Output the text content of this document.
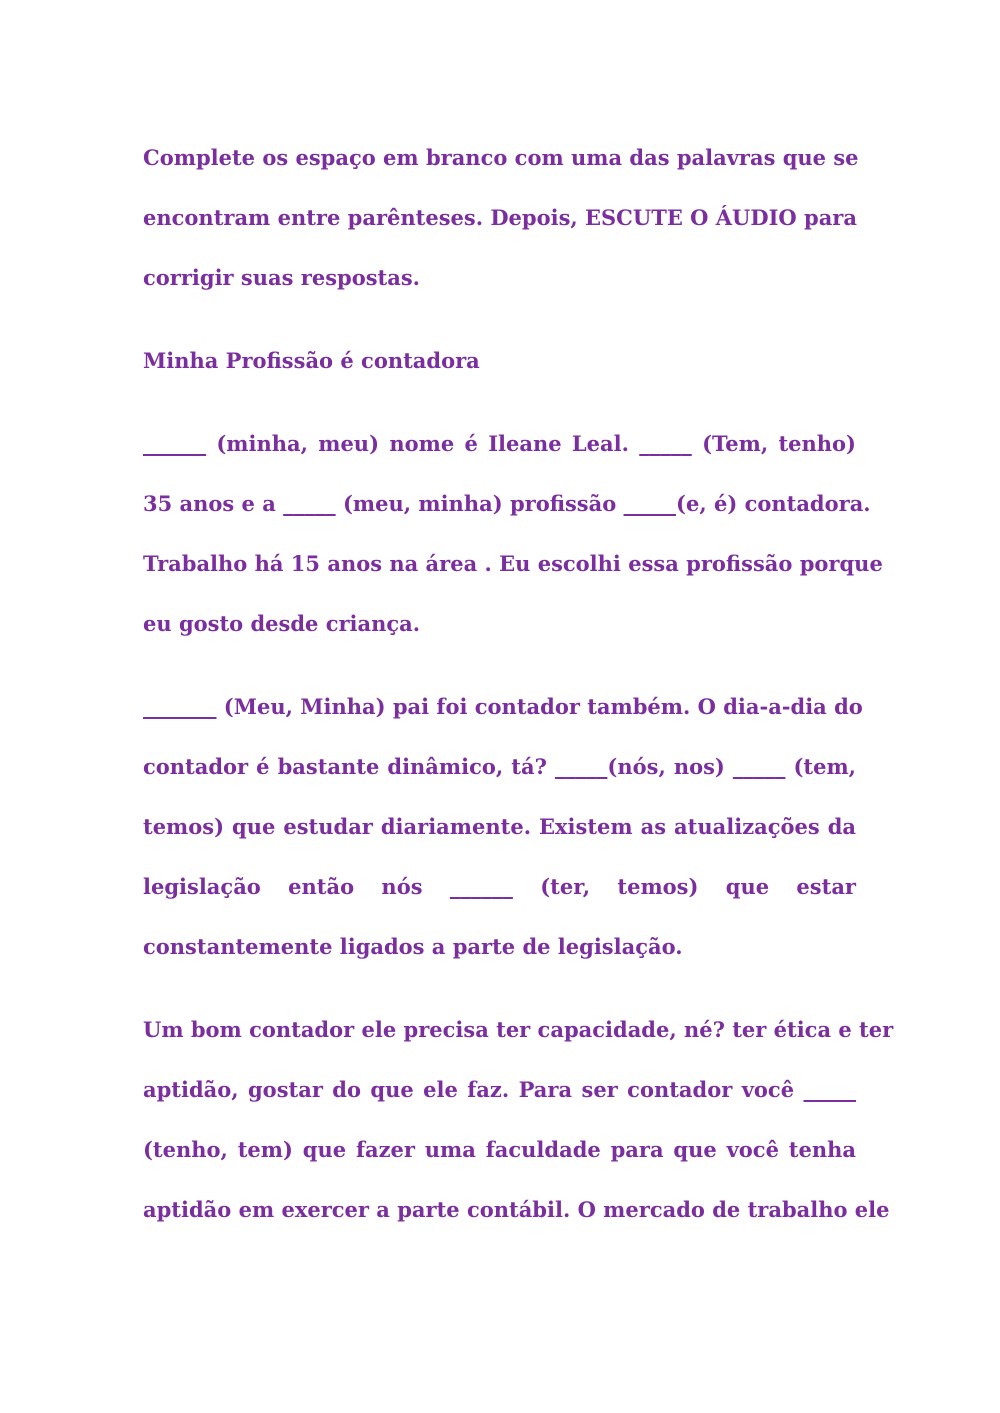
Complete os espaço em branco com uma das palavras que se
encontram entre parênteses. Depois, ESCUTE O ÁUDIO para
corrigir suas respostas.
Minha Profissão é contadora
______ (minha, meu) nome é Ileane Leal. _____ (Tem, tenho)
35 anos e a _____ (meu, minha) profissão _____(e, é) contadora.
Trabalho há 15 anos na área . Eu escolhi essa profissão porque
eu gosto desde criança.
_______ (Meu, Minha) pai foi contador também. O dia-a-dia do
contador é bastante dinâmico, tá? _____(nós, nos) _____ (tem,
temos) que estudar diariamente. Existem as atualizações da
legislação então nós ______ (ter, temos) que estar
constantemente ligados a parte de legislação.
Um bom contador ele precisa ter capacidade, né? ter ética e ter
aptidão, gostar do que ele faz. Para ser contador você _____
(tenho, tem) que fazer uma faculdade para que você tenha
aptidão em exercer a parte contábil. O mercado de trabalho ele
